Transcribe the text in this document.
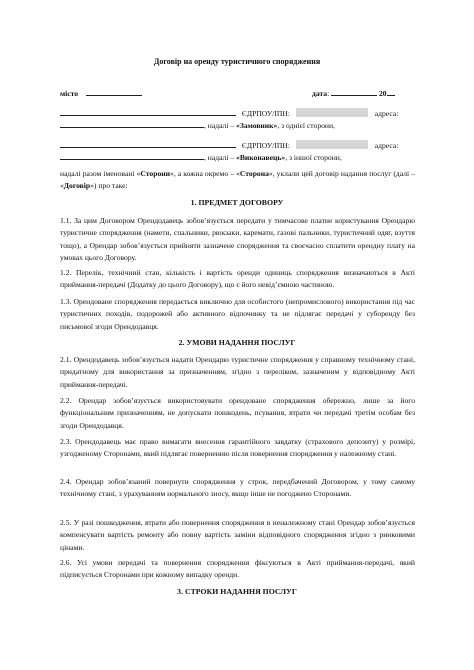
Договір на оренду туристичного спорядження
місто	дата:	20
ЄДРПОУ/ІПН:	адреса:
, надалі – «Замовник», з однієї сторони,
ЄДРПОУ/ІПН:	адреса:
, надалі – «Виконавець», з іншої сторони,
надалі разом іменовані «Сторони», а кожна окремо – «Сторона», уклали цей договір надання послуг (далі – «Договір») про таке:
1. ПРЕДМЕТ ДОГОВОРУ
1.1. За цим Договором Орендодавець зобов’язується передати у тимчасове платне користування Орендарю туристичне спорядження (намети, спальники, рюкзаки, каремати, газові пальники, туристичний одяг, взуття тощо), а Орендар зобов’язується прийняти зазначене спорядження та своєчасно сплатити орендну плату на умовах цього Договору.
1.2. Перелік, технічний стан, кількість і вартість оренди одиниць спорядження визначаються в Акті приймання-передачі (Додатку до цього Договору), що є його невід’ємною частиною.
1.3. Орендоване спорядження передається виключно для особистого (непромислового) використання під час туристичних походів, подорожей або активного відпочинку та не підлягає передачі у суборенду без письмової згоди Орендодавця.
2. УМОВИ НАДАННЯ ПОСЛУГ
2.1. Орендодавець зобов’язується надати Орендарю туристичне спорядження у справному технічному стані, придатному для використання за призначенням, згідно з переліком, зазначеним у відповідному Акті приймання-передачі.
2.2. Орендар зобов’язується використовувати орендоване спорядження обережно, лише за його функціональним призначенням, не допускати пошкодень, псування, втрати чи передачі третім особам без згоди Орендодавця.
2.3. Орендодавець має право вимагати внесення гарантійного завдатку (страхового депозиту) у розмірі, узгодженому Сторонами, який підлягає поверненню після повернення спорядження у належному стані.
2.4. Орендар зобов’язаний повернути спорядження у строк, передбачений Договором, у тому самому технічному стані, з урахуванням нормального зносу, якщо інше не погоджено Сторонами.
2.5. У разі пошкодження, втрати або повернення спорядження в неналежному стані Орендар зобов’язується компенсувати вартість ремонту або повну вартість заміни відповідного спорядження згідно з ринковими цінами.
2.6. Усі умови передачі та повернення спорядження фіксуються в Акті приймання-передачі, який підписується Сторонами при кожному випадку оренди.
3. СТРОКИ НАДАННЯ ПОСЛУГ
